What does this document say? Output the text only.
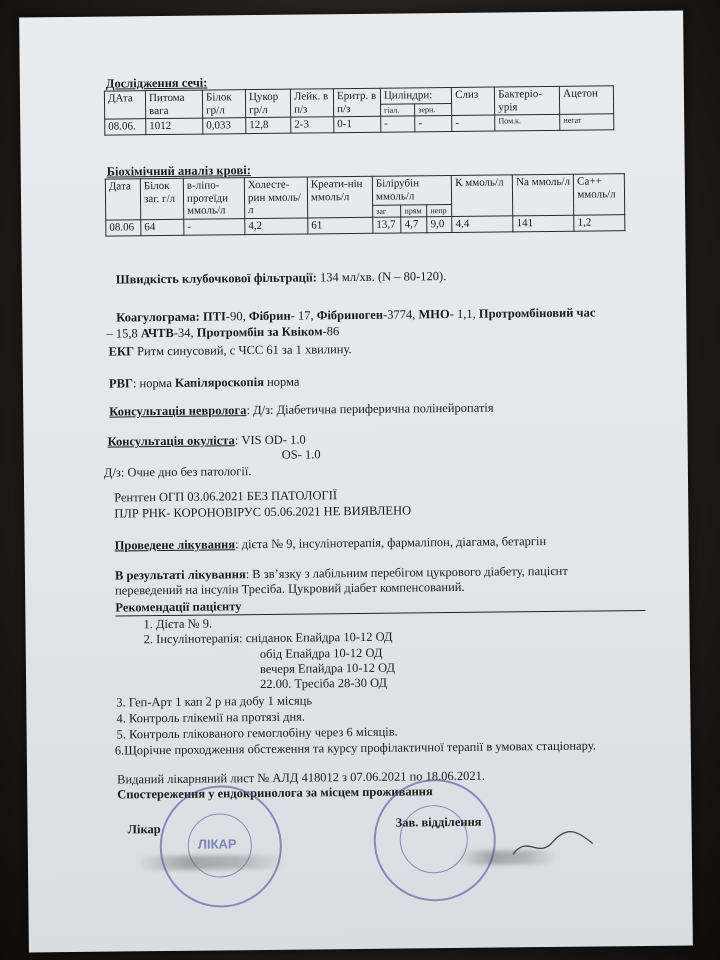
Дослідження сечі:
ДАта	Питома вага	Білок гр/л	Цукор гр/л	Лейк. в п/з	Еритр. в п/з	Циліндри:		Слиз	Бактеріо-урія	Ацетон
						гіал.	зерн.			
08.06.	1012	0,033	12,8	2-3	0-1	-	-	-	Пом.к.	негат
Біохімічний аналіз крові:
Дата	Білок заг. г/л	в-ліпо-протеїди ммоль/л	Холесте-рин ммоль/л	Креати-нін ммоль/л	Білірубін ммоль/л			К ммоль/л	Na ммоль/л	Са++ ммоль/л
					заг	прям	непр			
08.06	64	-	4,2	61	13,7	4,7	9,0	4,4	141	1,2
Швидкість клубочкової фільтрації: 134 мл/хв. (N – 80-120).
Коагулограма: ПТІ-90, Фібрин- 17, Фібриноген-3774, МНО- 1,1, Протромбіновий час
– 15,8 АЧТВ-34, Протромбін за Квіком-86
ЕКГ Ритм синусовий, с ЧСС 61 за 1 хвилину.
РВГ: норма Капіляроскопія норма
Консультація невролога: Д/з: Діабетична периферична полінейропатія
Консультація окуліста: VIS OD- 1.0
OS- 1.0
Д/з: Очне дно без патології.
Рентген ОГП 03.06.2021 БЕЗ ПАТОЛОГІЇ
ПЛР РНК- КОРОНОВІРУС 05.06.2021 НЕ ВИЯВЛЕНО
Проведене лікування: дієта № 9, інсулінотерапія, фармаліпон, діагама, бетаргін
В результаті лікування: В зв’язку з лабільним перебігом цукрового діабету, пацієнт
переведений на інсулін Тресіба. Цукровий діабет компенсований.
Рекомендації пацієнту
1. Дієта № 9.
2. Інсулінотерапія: сніданок Епайдра 10-12 ОД
обід Епайдра 10-12 ОД
вечеря Епайдра 10-12 ОД
22.00. Тресіба 28-30 ОД
3. Геп-Арт 1 кап 2 р на добу 1 місяць
4. Контроль глікемії на протязі дня.
5. Контроль глікованого гемоглобіну через 6 місяців.
6.Щорічне проходження обстеження та курсу профілактичної терапії в умовах стаціонару.
Виданий лікарняний лист № АЛД 418012 з 07.06.2021 по 18.06.2021.
Спостереження у ендокринолога за місцем проживання
Лікар	Зав. відділення
ЛІКАР
